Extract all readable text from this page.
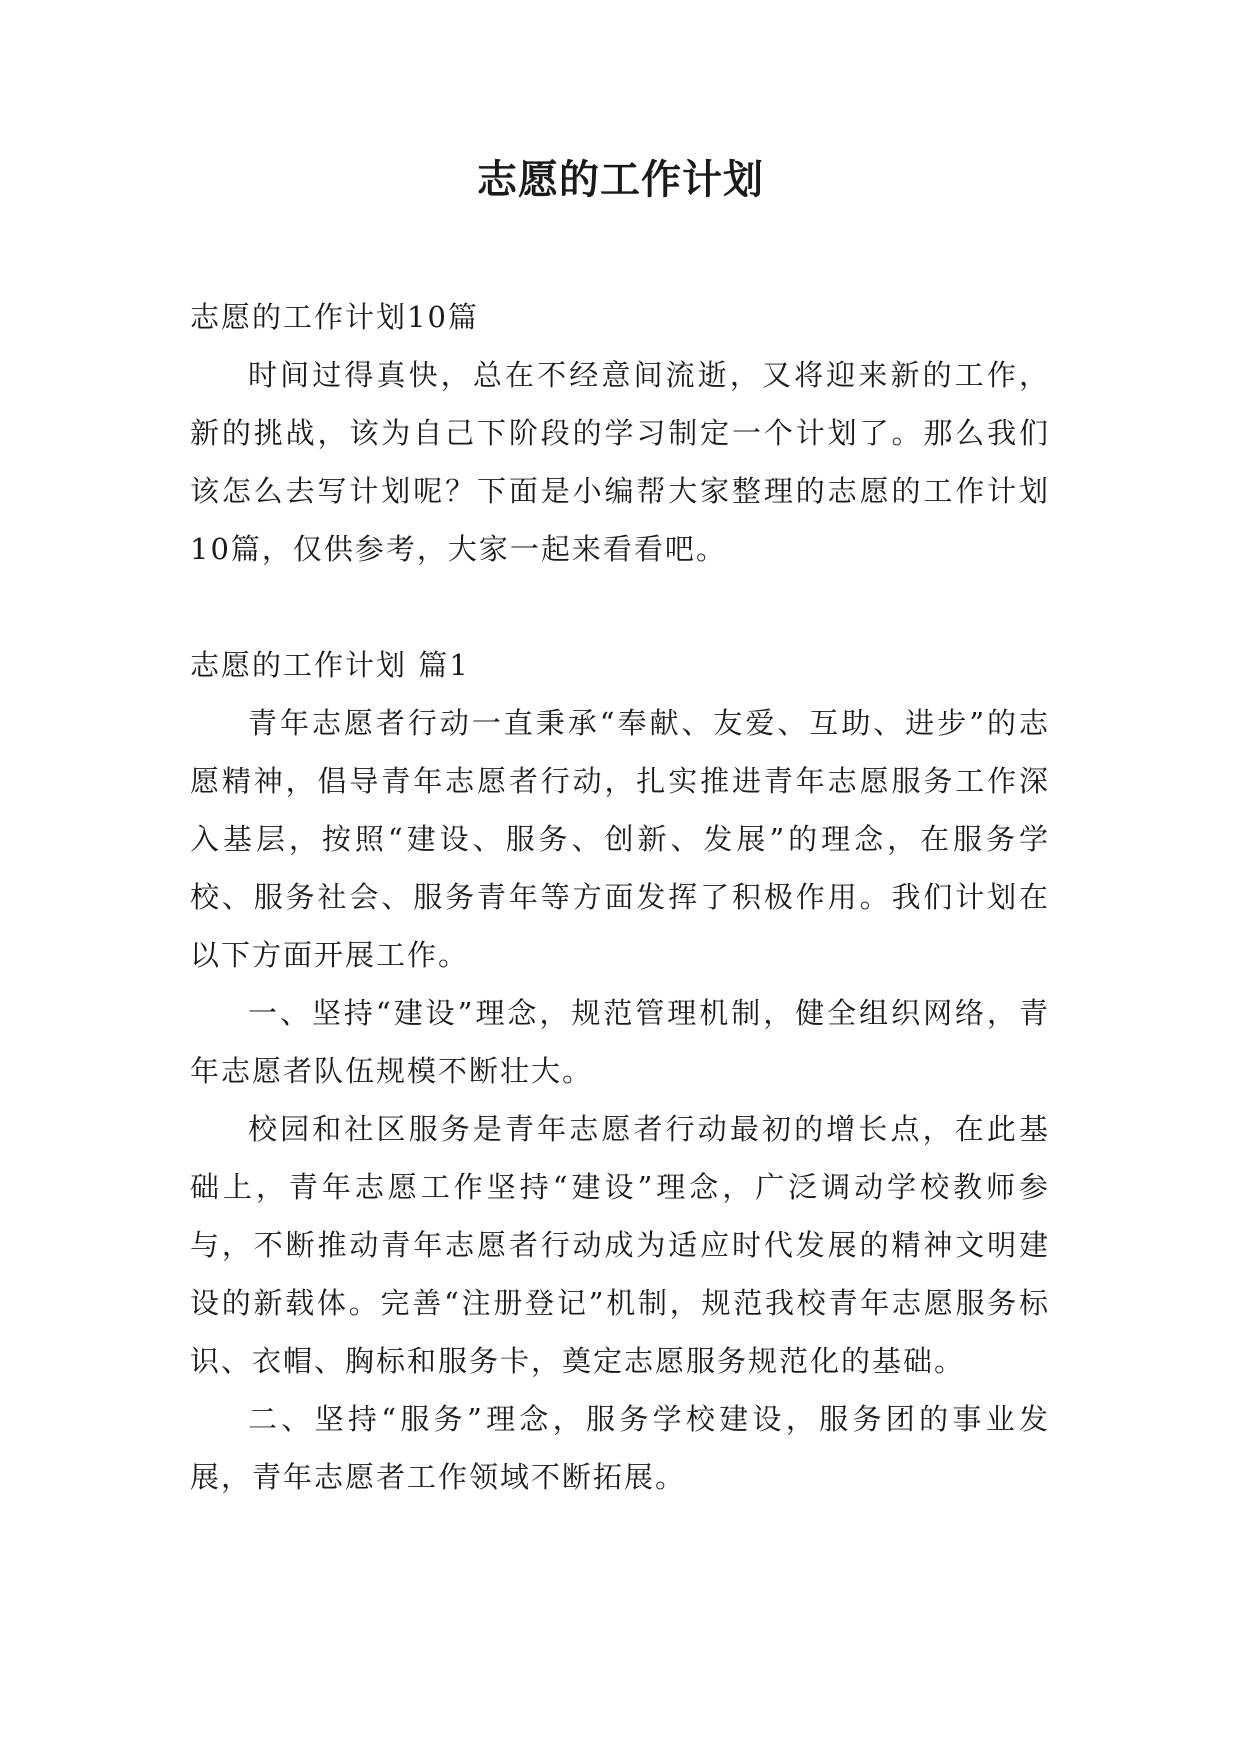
志愿的工作计划

志愿的工作计划10篇

时间过得真快，总在不经意间流逝，又将迎来新的工作，新的挑战，该为自己下阶段的学习制定一个计划了。那么我们该怎么去写计划呢？下面是小编帮大家整理的志愿的工作计划10篇，仅供参考，大家一起来看看吧。

志愿的工作计划 篇1

青年志愿者行动一直秉承“奉献、友爱、互助、进步”的志愿精神，倡导青年志愿者行动，扎实推进青年志愿服务工作深入基层，按照“建设、服务、创新、发展”的理念，在服务学校、服务社会、服务青年等方面发挥了积极作用。我们计划在以下方面开展工作。

一、坚持“建设”理念，规范管理机制，健全组织网络，青年志愿者队伍规模不断壮大。

校园和社区服务是青年志愿者行动最初的增长点，在此基础上，青年志愿工作坚持“建设”理念，广泛调动学校教师参与，不断推动青年志愿者行动成为适应时代发展的精神文明建设的新载体。完善“注册登记”机制，规范我校青年志愿服务标识、衣帽、胸标和服务卡，奠定志愿服务规范化的基础。

二、坚持“服务”理念，服务学校建设，服务团的事业发展，青年志愿者工作领域不断拓展。
